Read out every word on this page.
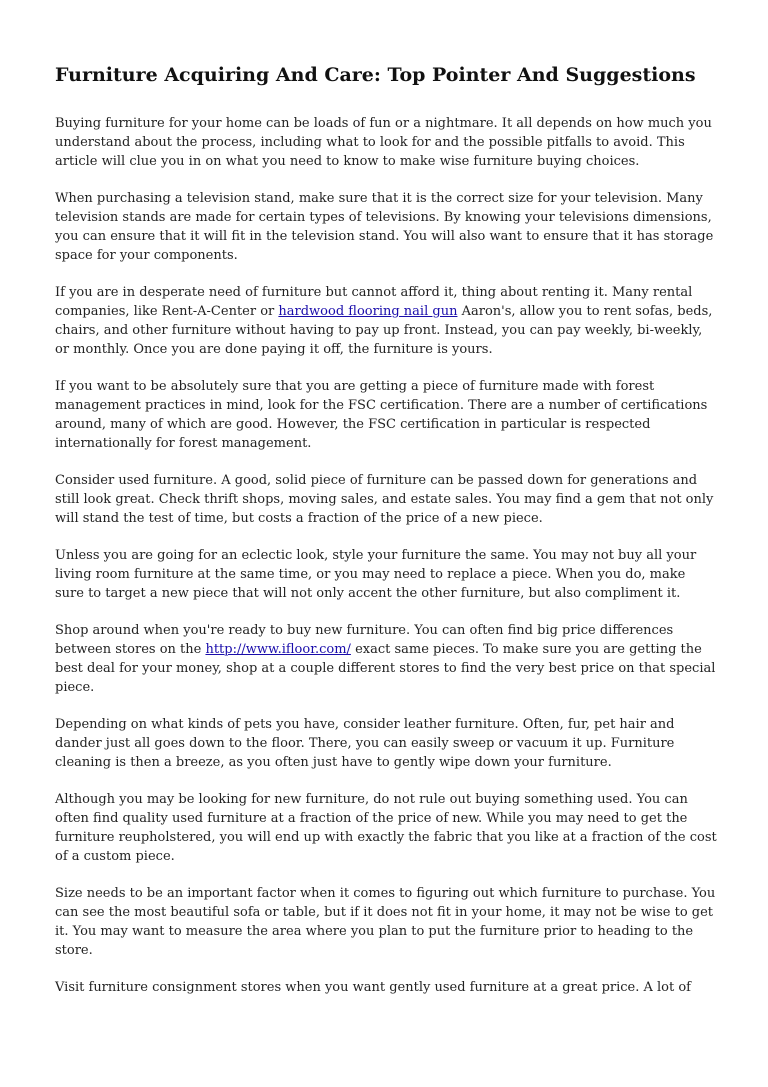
Furniture Acquiring And Care: Top Pointer And Suggestions

Buying furniture for your home can be loads of fun or a nightmare. It all depends on how much you understand about the process, including what to look for and the possible pitfalls to avoid. This article will clue you in on what you need to know to make wise furniture buying choices.

When purchasing a television stand, make sure that it is the correct size for your television. Many television stands are made for certain types of televisions. By knowing your televisions dimensions, you can ensure that it will fit in the television stand. You will also want to ensure that it has storage space for your components.

If you are in desperate need of furniture but cannot afford it, thing about renting it. Many rental companies, like Rent-A-Center or hardwood flooring nail gun Aaron's, allow you to rent sofas, beds, chairs, and other furniture without having to pay up front. Instead, you can pay weekly, bi-weekly, or monthly. Once you are done paying it off, the furniture is yours.

If you want to be absolutely sure that you are getting a piece of furniture made with forest management practices in mind, look for the FSC certification. There are a number of certifications around, many of which are good. However, the FSC certification in particular is respected internationally for forest management.

Consider used furniture. A good, solid piece of furniture can be passed down for generations and still look great. Check thrift shops, moving sales, and estate sales. You may find a gem that not only will stand the test of time, but costs a fraction of the price of a new piece.

Unless you are going for an eclectic look, style your furniture the same. You may not buy all your living room furniture at the same time, or you may need to replace a piece. When you do, make sure to target a new piece that will not only accent the other furniture, but also compliment it.

Shop around when you're ready to buy new furniture. You can often find big price differences between stores on the http://www.ifloor.com/ exact same pieces. To make sure you are getting the best deal for your money, shop at a couple different stores to find the very best price on that special piece.

Depending on what kinds of pets you have, consider leather furniture. Often, fur, pet hair and dander just all goes down to the floor. There, you can easily sweep or vacuum it up. Furniture cleaning is then a breeze, as you often just have to gently wipe down your furniture.

Although you may be looking for new furniture, do not rule out buying something used. You can often find quality used furniture at a fraction of the price of new. While you may need to get the furniture reupholstered, you will end up with exactly the fabric that you like at a fraction of the cost of a custom piece.

Size needs to be an important factor when it comes to figuring out which furniture to purchase. You can see the most beautiful sofa or table, but if it does not fit in your home, it may not be wise to get it. You may want to measure the area where you plan to put the furniture prior to heading to the store.

Visit furniture consignment stores when you want gently used furniture at a great price. A lot of
